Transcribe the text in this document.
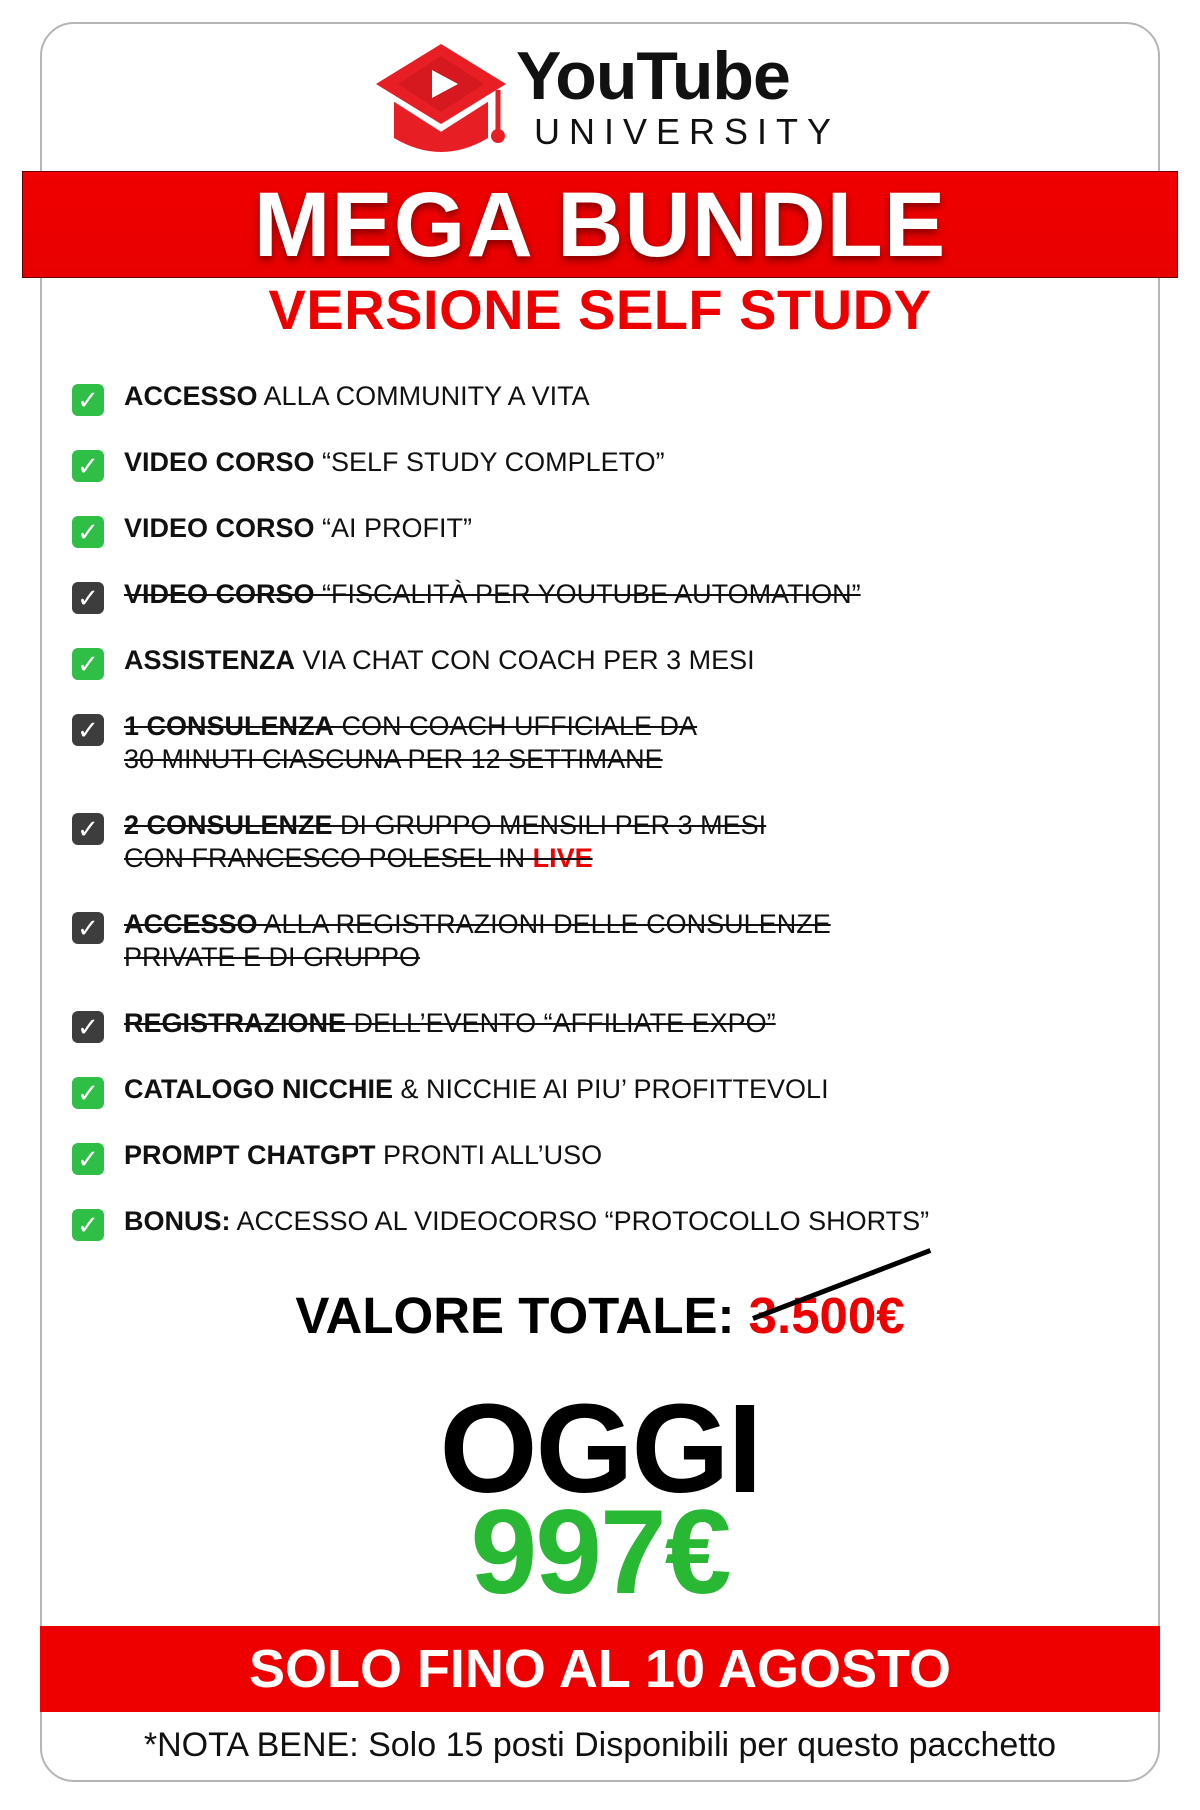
YouTube
UNIVERSITY
MEGA BUNDLE
VERSIONE SELF STUDY
✓ ACCESSO ALLA COMMUNITY A VITA
✓ VIDEO CORSO “SELF STUDY COMPLETO”
✓ VIDEO CORSO “AI PROFIT”
✓ VIDEO CORSO “FISCALITÀ PER YOUTUBE AUTOMATION”
✓ ASSISTENZA VIA CHAT CON COACH PER 3 MESI
✓ 1 CONSULENZA CON COACH UFFICIALE DA
30 MINUTI CIASCUNA PER 12 SETTIMANE
✓ 2 CONSULENZE DI GRUPPO MENSILI PER 3 MESI
CON FRANCESCO POLESEL IN LIVE
✓ ACCESSO ALLA REGISTRAZIONI DELLE CONSULENZE
PRIVATE E DI GRUPPO
✓ REGISTRAZIONE DELL’EVENTO “AFFILIATE EXPO”
✓ CATALOGO NICCHIE & NICCHIE AI PIU’ PROFITTEVOLI
✓ PROMPT CHATGPT PRONTI ALL’USO
✓ BONUS: ACCESSO AL VIDEOCORSO “PROTOCOLLO SHORTS”
VALORE TOTALE: 3.500€
OGGI
997€
SOLO FINO AL 10 AGOSTO
*NOTA BENE: Solo 15 posti Disponibili per questo pacchetto
